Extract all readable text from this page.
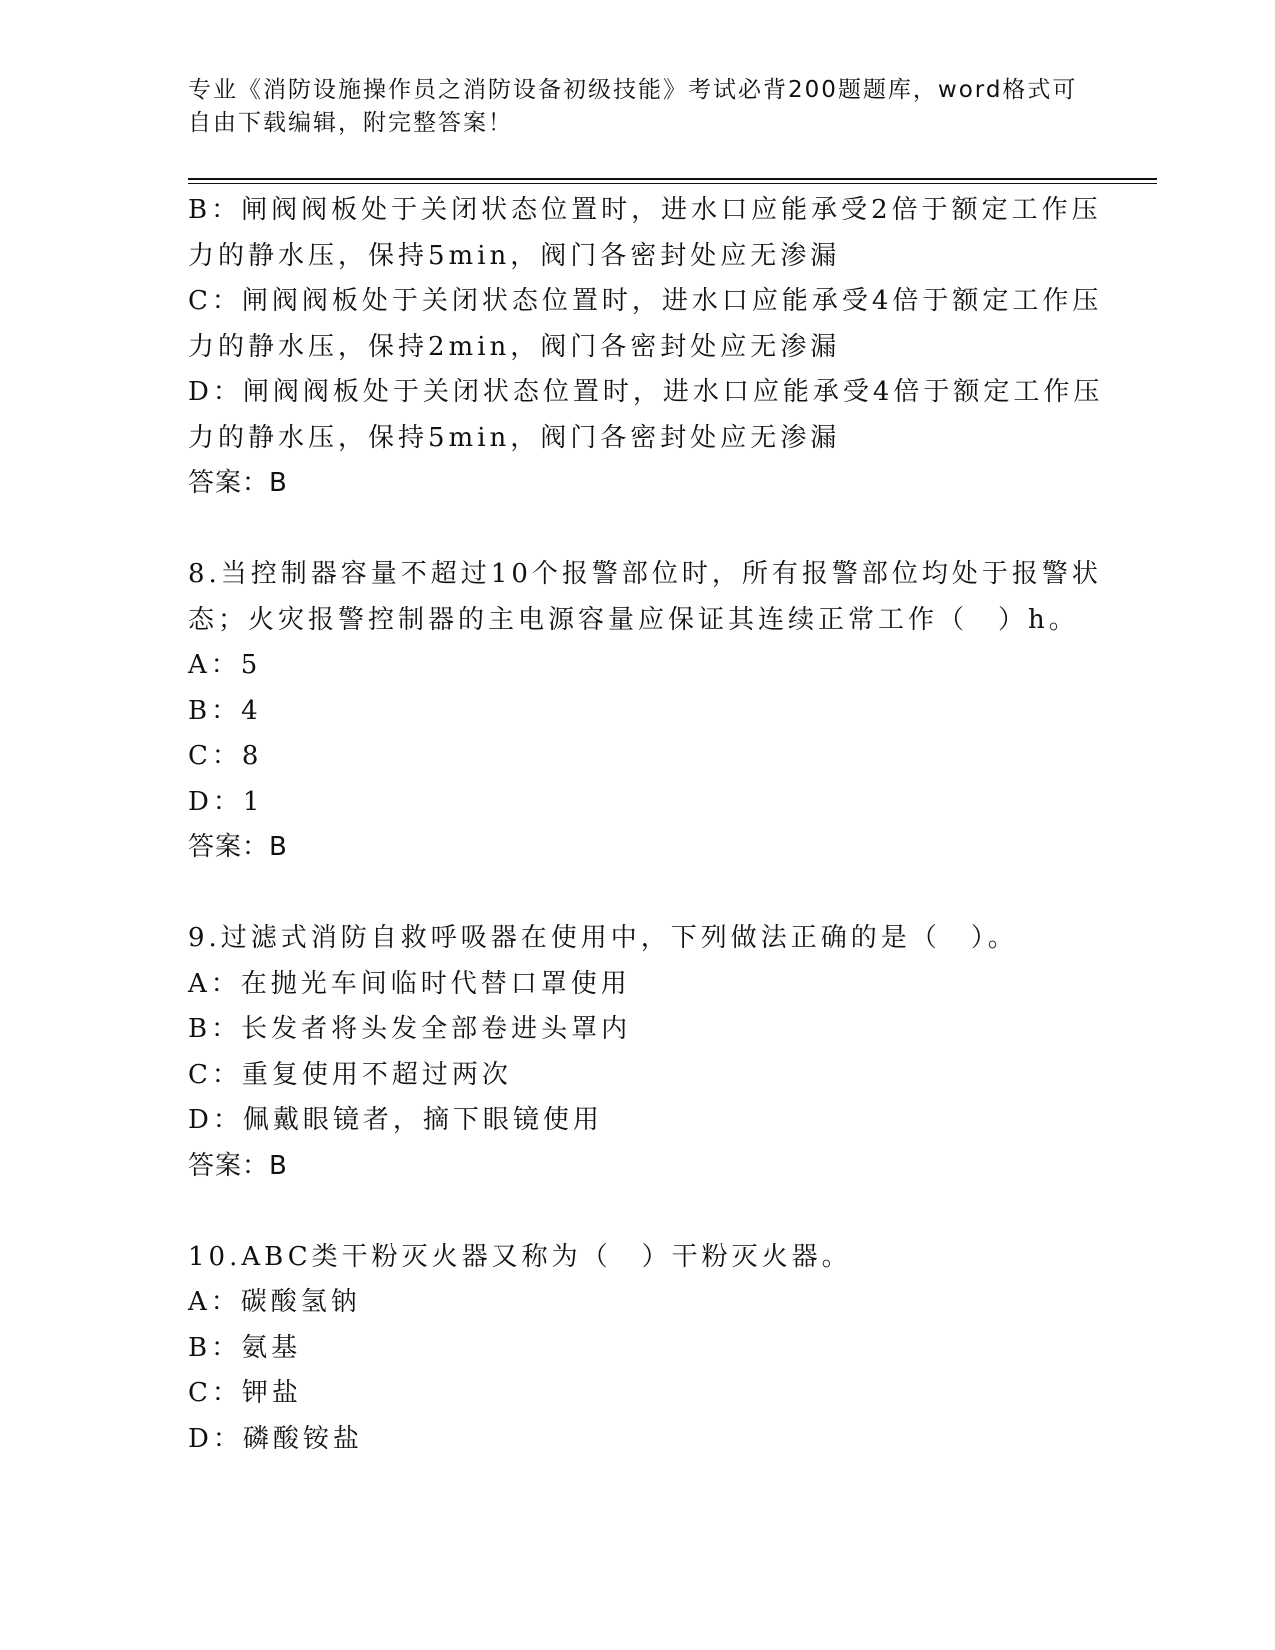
专业《消防设施操作员之消防设备初级技能》考试必背200题题库，word格式可
自由下载编辑，附完整答案！
B：闸阀阀板处于关闭状态位置时，进水口应能承受2倍于额定工作压
力的静水压，保持5min，阀门各密封处应无渗漏
C：闸阀阀板处于关闭状态位置时，进水口应能承受4倍于额定工作压
力的静水压，保持2min，阀门各密封处应无渗漏
D：闸阀阀板处于关闭状态位置时，进水口应能承受4倍于额定工作压
力的静水压，保持5min，阀门各密封处应无渗漏
答案：B
8.当控制器容量不超过10个报警部位时，所有报警部位均处于报警状
态；火灾报警控制器的主电源容量应保证其连续正常工作（　）h。
A：5
B：4
C：8
D：1
答案：B
9.过滤式消防自救呼吸器在使用中，下列做法正确的是（　）。
A：在抛光车间临时代替口罩使用
B：长发者将头发全部卷进头罩内
C：重复使用不超过两次
D：佩戴眼镜者，摘下眼镜使用
答案：B
10.ABC类干粉灭火器又称为（　）干粉灭火器。
A：碳酸氢钠
B：氨基
C：钾盐
D：磷酸铵盐
